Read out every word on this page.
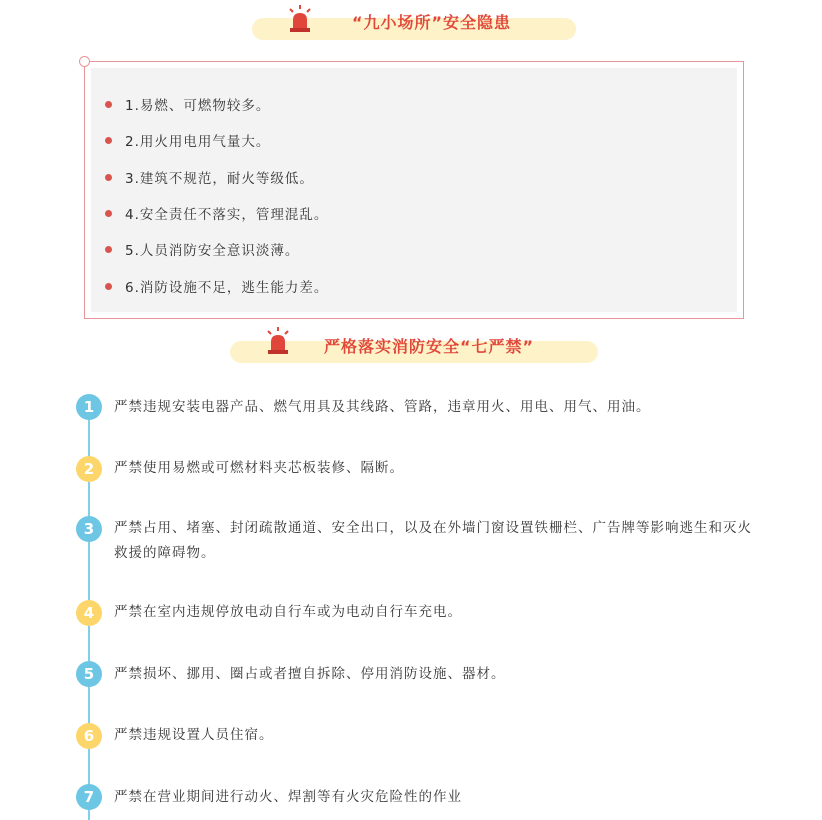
“九小场所”安全隐患
1.易燃、可燃物较多。
2.用火用电用气量大。
3.建筑不规范，耐火等级低。
4.安全责任不落实，管理混乱。
5.人员消防安全意识淡薄。
6.消防设施不足，逃生能力差。
严格落实消防安全“七严禁”
1	严禁违规安装电器产品、燃气用具及其线路、管路，违章用火、用电、用气、用油。
2	严禁使用易燃或可燃材料夹芯板装修、隔断。
3	严禁占用、堵塞、封闭疏散通道、安全出口，以及在外墙门窗设置铁栅栏、广告牌等影响逃生和灭火救援的障碍物。
4	严禁在室内违规停放电动自行车或为电动自行车充电。
5	严禁损坏、挪用、圈占或者擅自拆除、停用消防设施、器材。
6	严禁违规设置人员住宿。
7	严禁在营业期间进行动火、焊割等有火灾危险性的作业
